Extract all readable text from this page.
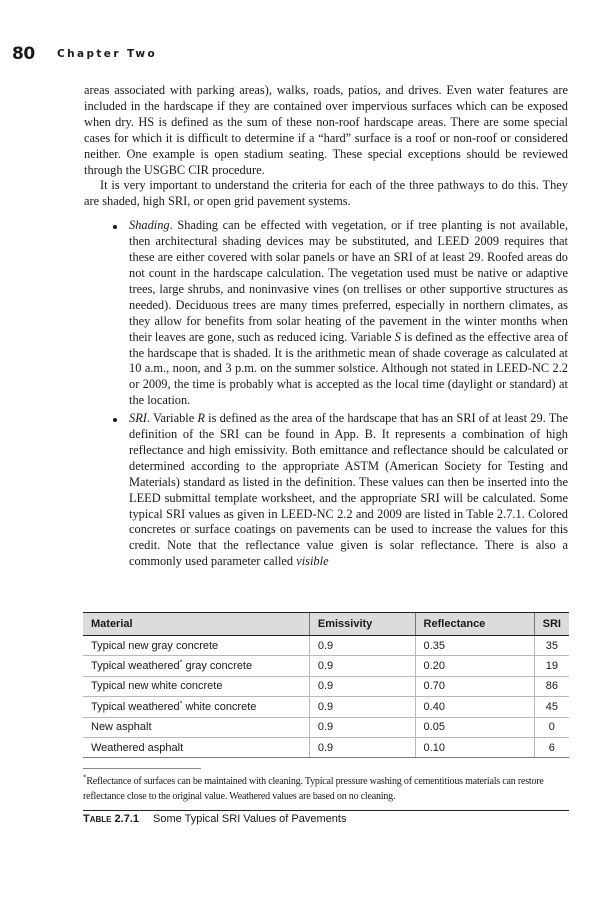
80 Chapter Two

areas associated with parking areas), walks, roads, patios, and drives. Even water features are included in the hardscape if they are contained over impervious surfaces which can be exposed when dry. HS is defined as the sum of these non-roof hardscape areas. There are some special cases for which it is difficult to determine if a “hard” surface is a roof or non-roof or considered neither. One example is open stadium seating. These special exceptions should be reviewed through the USGBC CIR procedure.

It is very important to understand the criteria for each of the three pathways to do this. They are shaded, high SRI, or open grid pavement systems.

Shading. Shading can be effected with vegetation, or if tree planting is not available, then architectural shading devices may be substituted, and LEED 2009 requires that these are either covered with solar panels or have an SRI of at least 29. Roofed areas do not count in the hardscape calculation. The vegetation used must be native or adaptive trees, large shrubs, and noninvasive vines (on trellises or other supportive structures as needed). Deciduous trees are many times preferred, especially in northern climates, as they allow for benefits from solar heating of the pavement in the winter months when their leaves are gone, such as reduced icing. Variable S is defined as the effective area of the hardscape that is shaded. It is the arithmetic mean of shade coverage as calculated at 10 a.m., noon, and 3 p.m. on the summer solstice. Although not stated in LEED-NC 2.2 or 2009, the time is probably what is accepted as the local time (daylight or standard) at the location.
SRI. Variable R is defined as the area of the hardscape that has an SRI of at least 29. The definition of the SRI can be found in App. B. It represents a combination of high reflectance and high emissivity. Both emittance and reflectance should be calculated or determined according to the appropriate ASTM (American Society for Testing and Materials) standard as listed in the definition. These values can then be inserted into the LEED submittal template worksheet, and the appropriate SRI will be calculated. Some typical SRI values as given in LEED-NC 2.2 and 2009 are listed in Table 2.7.1. Colored concretes or surface coatings on pavements can be used to increase the values for this credit. Note that the reflectance value given is solar reflectance. There is also a commonly used parameter called visible
Material	Emissivity	Reflectance	SRI
Typical new gray concrete	0.9	0.35	35
Typical weathered* gray concrete	0.9	0.20	19
Typical new white concrete	0.9	0.70	86
Typical weathered* white concrete	0.9	0.40	45
New asphalt	0.9	0.05	0
Weathered asphalt	0.9	0.10	6
*Reflectance of surfaces can be maintained with cleaning. Typical pressure washing of cementitious materials can restore reflectance close to the original value. Weathered values are based on no cleaning.
Table 2.7.1 Some Typical SRI Values of Pavements
